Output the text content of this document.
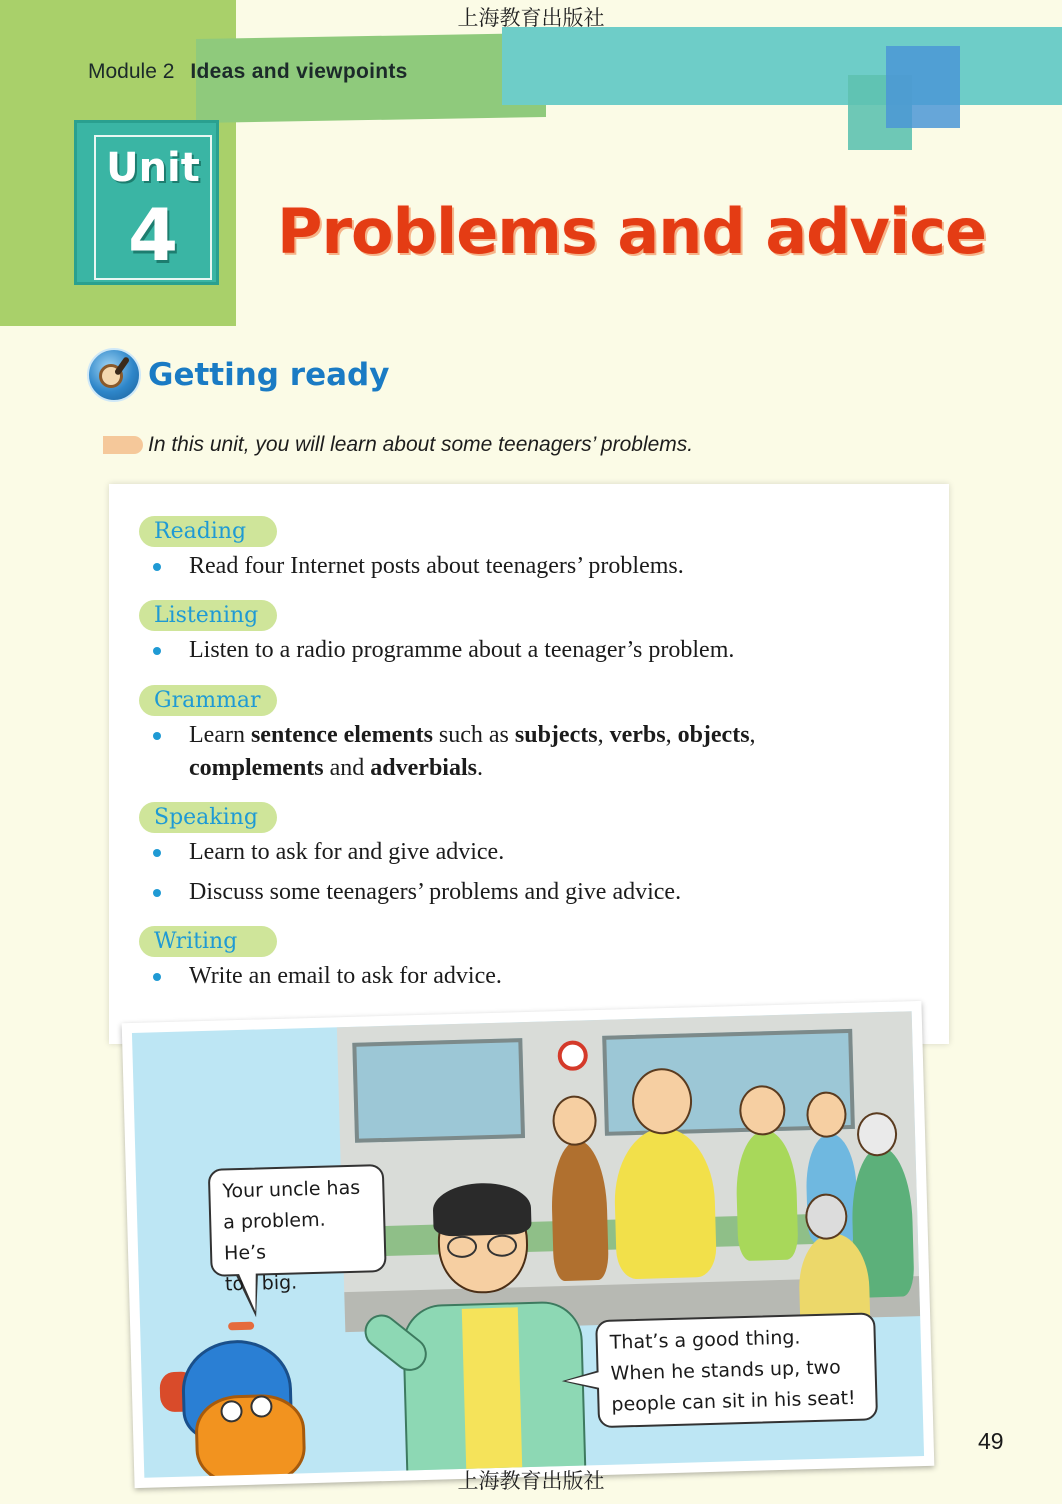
上海教育出版社
Module 2 Ideas and viewpoints
Unit
4	Problems and advice
Getting ready
In this unit, you will learn about some teenagers’ problems.
Reading
Read four Internet posts about teenagers’ problems.
Listening
Listen to a radio programme about a teenager’s problem.
Grammar
Learn sentence elements such as subjects, verbs, objects,
complements and adverbials.
Speaking
Learn to ask for and give advice.
Discuss some teenagers’ problems and give advice.
Writing
Write an email to ask for advice.
Your uncle has
a problem. He’s
too big.
That’s a good thing.
When he stands up, two
people can sit in his seat!
49
上海教育出版社
